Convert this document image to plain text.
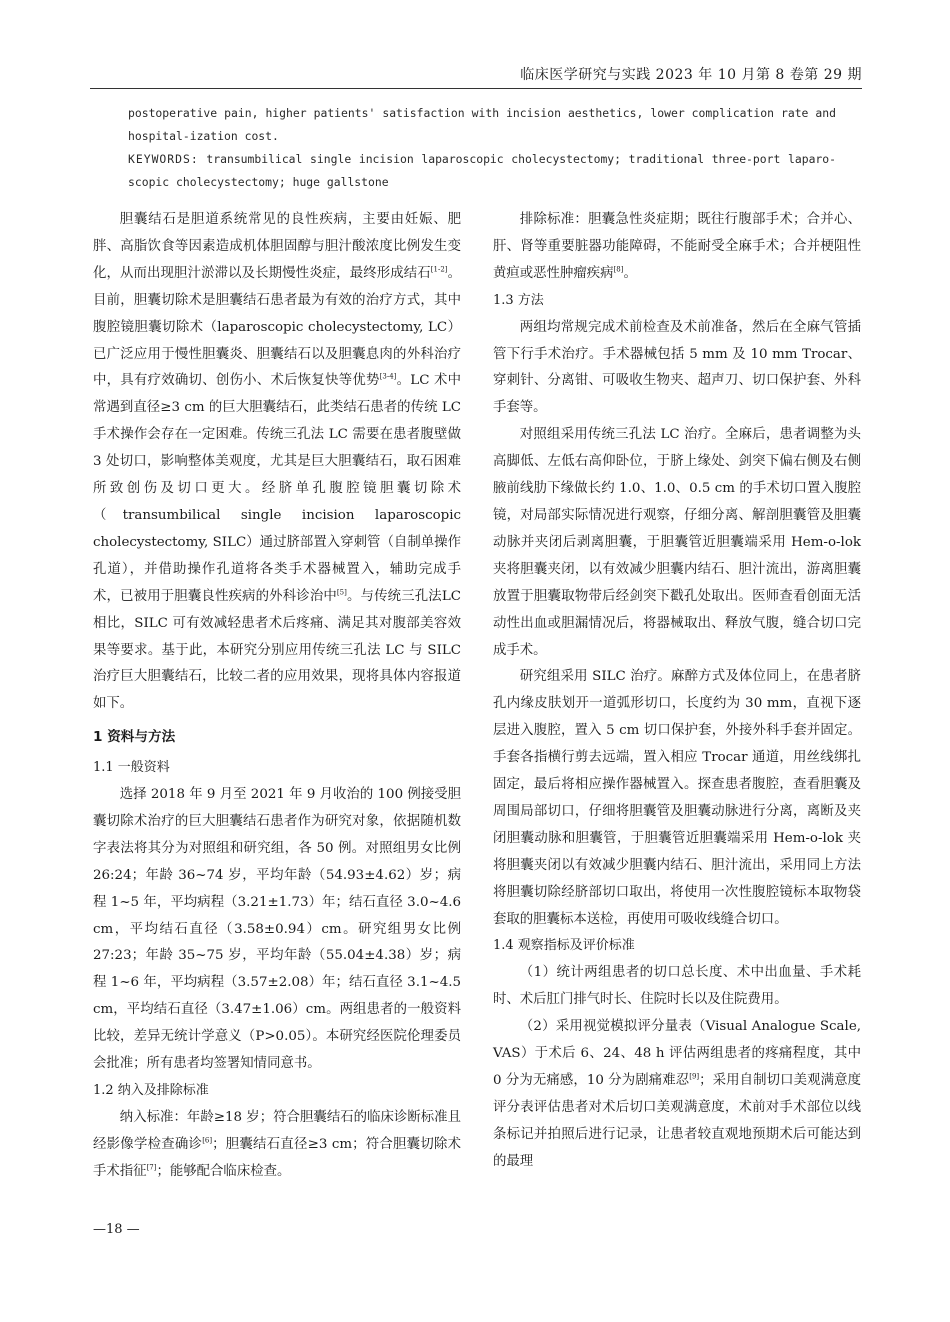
临床医学研究与实践 2023 年 10 月第 8 卷第 29 期

postoperative pain, higher patients' satisfaction with incision aesthetics, lower complication rate and hospital-ization cost.

KEYWORDS: transumbilical single incision laparoscopic cholecystectomy; traditional three-port laparo-scopic cholecystectomy; huge gallstone

胆囊结石是胆道系统常见的良性疾病，主要由妊娠、肥胖、高脂饮食等因素造成机体胆固醇与胆汁酸浓度比例发生变化，从而出现胆汁淤滞以及长期慢性炎症，最终形成结石[1-2]。目前，胆囊切除术是胆囊结石患者最为有效的治疗方式，其中腹腔镜胆囊切除术（laparoscopic cholecystectomy, LC）已广泛应用于慢性胆囊炎、胆囊结石以及胆囊息肉的外科治疗中，具有疗效确切、创伤小、术后恢复快等优势[3-4]。LC 术中常遇到直径≥3 cm 的巨大胆囊结石，此类结石患者的传统 LC 手术操作会存在一定困难。传统三孔法 LC 需要在患者腹壁做 3 处切口，影响整体美观度，尤其是巨大胆囊结石，取石困难所致创伤及切口更大。经脐单孔腹腔镜胆囊切除术（transumbilical single incision laparoscopic cholecystectomy, SILC）通过脐部置入穿刺管（自制单操作孔道），并借助操作孔道将各类手术器械置入，辅助完成手术，已被用于胆囊良性疾病的外科诊治中[5]。与传统三孔法LC 相比，SILC 可有效减轻患者术后疼痛、满足其对腹部美容效果等要求。基于此，本研究分别应用传统三孔法 LC 与 SILC 治疗巨大胆囊结石，比较二者的应用效果，现将具体内容报道如下。

1 资料与方法

1.1 一般资料

选择 2018 年 9 月至 2021 年 9 月收治的 100 例接受胆囊切除术治疗的巨大胆囊结石患者作为研究对象，依据随机数字表法将其分为对照组和研究组，各 50 例。对照组男女比例 26:24；年龄 36~74 岁，平均年龄（54.93±4.62）岁；病程 1~5 年，平均病程（3.21±1.73）年；结石直径 3.0~4.6 cm，平均结石直径（3.58±0.94）cm。研究组男女比例 27:23；年龄 35~75 岁，平均年龄（55.04±4.38）岁；病程 1~6 年，平均病程（3.57±2.08）年；结石直径 3.1~4.5 cm，平均结石直径（3.47±1.06）cm。两组患者的一般资料比较，差异无统计学意义（P>0.05）。本研究经医院伦理委员会批准；所有患者均签署知情同意书。

1.2 纳入及排除标准

纳入标准：年龄≥18 岁；符合胆囊结石的临床诊断标准且经影像学检查确诊[6]；胆囊结石直径≥3 cm；符合胆囊切除术手术指征[7]；能够配合临床检查。

排除标准：胆囊急性炎症期；既往行腹部手术；合并心、肝、肾等重要脏器功能障碍，不能耐受全麻手术；合并梗阻性黄疸或恶性肿瘤疾病[8]。

1.3 方法

两组均常规完成术前检查及术前准备，然后在全麻气管插管下行手术治疗。手术器械包括 5 mm 及 10 mm Trocar、穿刺针、分离钳、可吸收生物夹、超声刀、切口保护套、外科手套等。

对照组采用传统三孔法 LC 治疗。全麻后，患者调整为头高脚低、左低右高仰卧位，于脐上缘处、剑突下偏右侧及右侧腋前线肋下缘做长约 1.0、1.0、0.5 cm 的手术切口置入腹腔镜，对局部实际情况进行观察，仔细分离、解剖胆囊管及胆囊动脉并夹闭后剥离胆囊，于胆囊管近胆囊端采用 Hem-o-lok 夹将胆囊夹闭，以有效减少胆囊内结石、胆汁流出，游离胆囊放置于胆囊取物带后经剑突下戳孔处取出。医师查看创面无活动性出血或胆漏情况后，将器械取出、释放气腹，缝合切口完成手术。

研究组采用 SILC 治疗。麻醉方式及体位同上，在患者脐孔内缘皮肤划开一道弧形切口，长度约为 30 mm，直视下逐层进入腹腔，置入 5 cm 切口保护套，外接外科手套并固定。手套各指横行剪去远端，置入相应 Trocar 通道，用丝线绑扎固定，最后将相应操作器械置入。探查患者腹腔，查看胆囊及周围局部切口，仔细将胆囊管及胆囊动脉进行分离，离断及夹闭胆囊动脉和胆囊管，于胆囊管近胆囊端采用 Hem-o-lok 夹将胆囊夹闭以有效减少胆囊内结石、胆汁流出，采用同上方法将胆囊切除经脐部切口取出，将使用一次性腹腔镜标本取物袋套取的胆囊标本送检，再使用可吸收线缝合切口。

1.4 观察指标及评价标准

（1）统计两组患者的切口总长度、术中出血量、手术耗时、术后肛门排气时长、住院时长以及住院费用。

（2）采用视觉模拟评分量表（Visual Analogue Scale, VAS）于术后 6、24、48 h 评估两组患者的疼痛程度，其中 0 分为无痛感，10 分为剧痛难忍[9]；采用自制切口美观满意度评分表评估患者对术后切口美观满意度，术前对手术部位以线条标记并拍照后进行记录，让患者较直观地预期术后可能达到的最理

—18 —
